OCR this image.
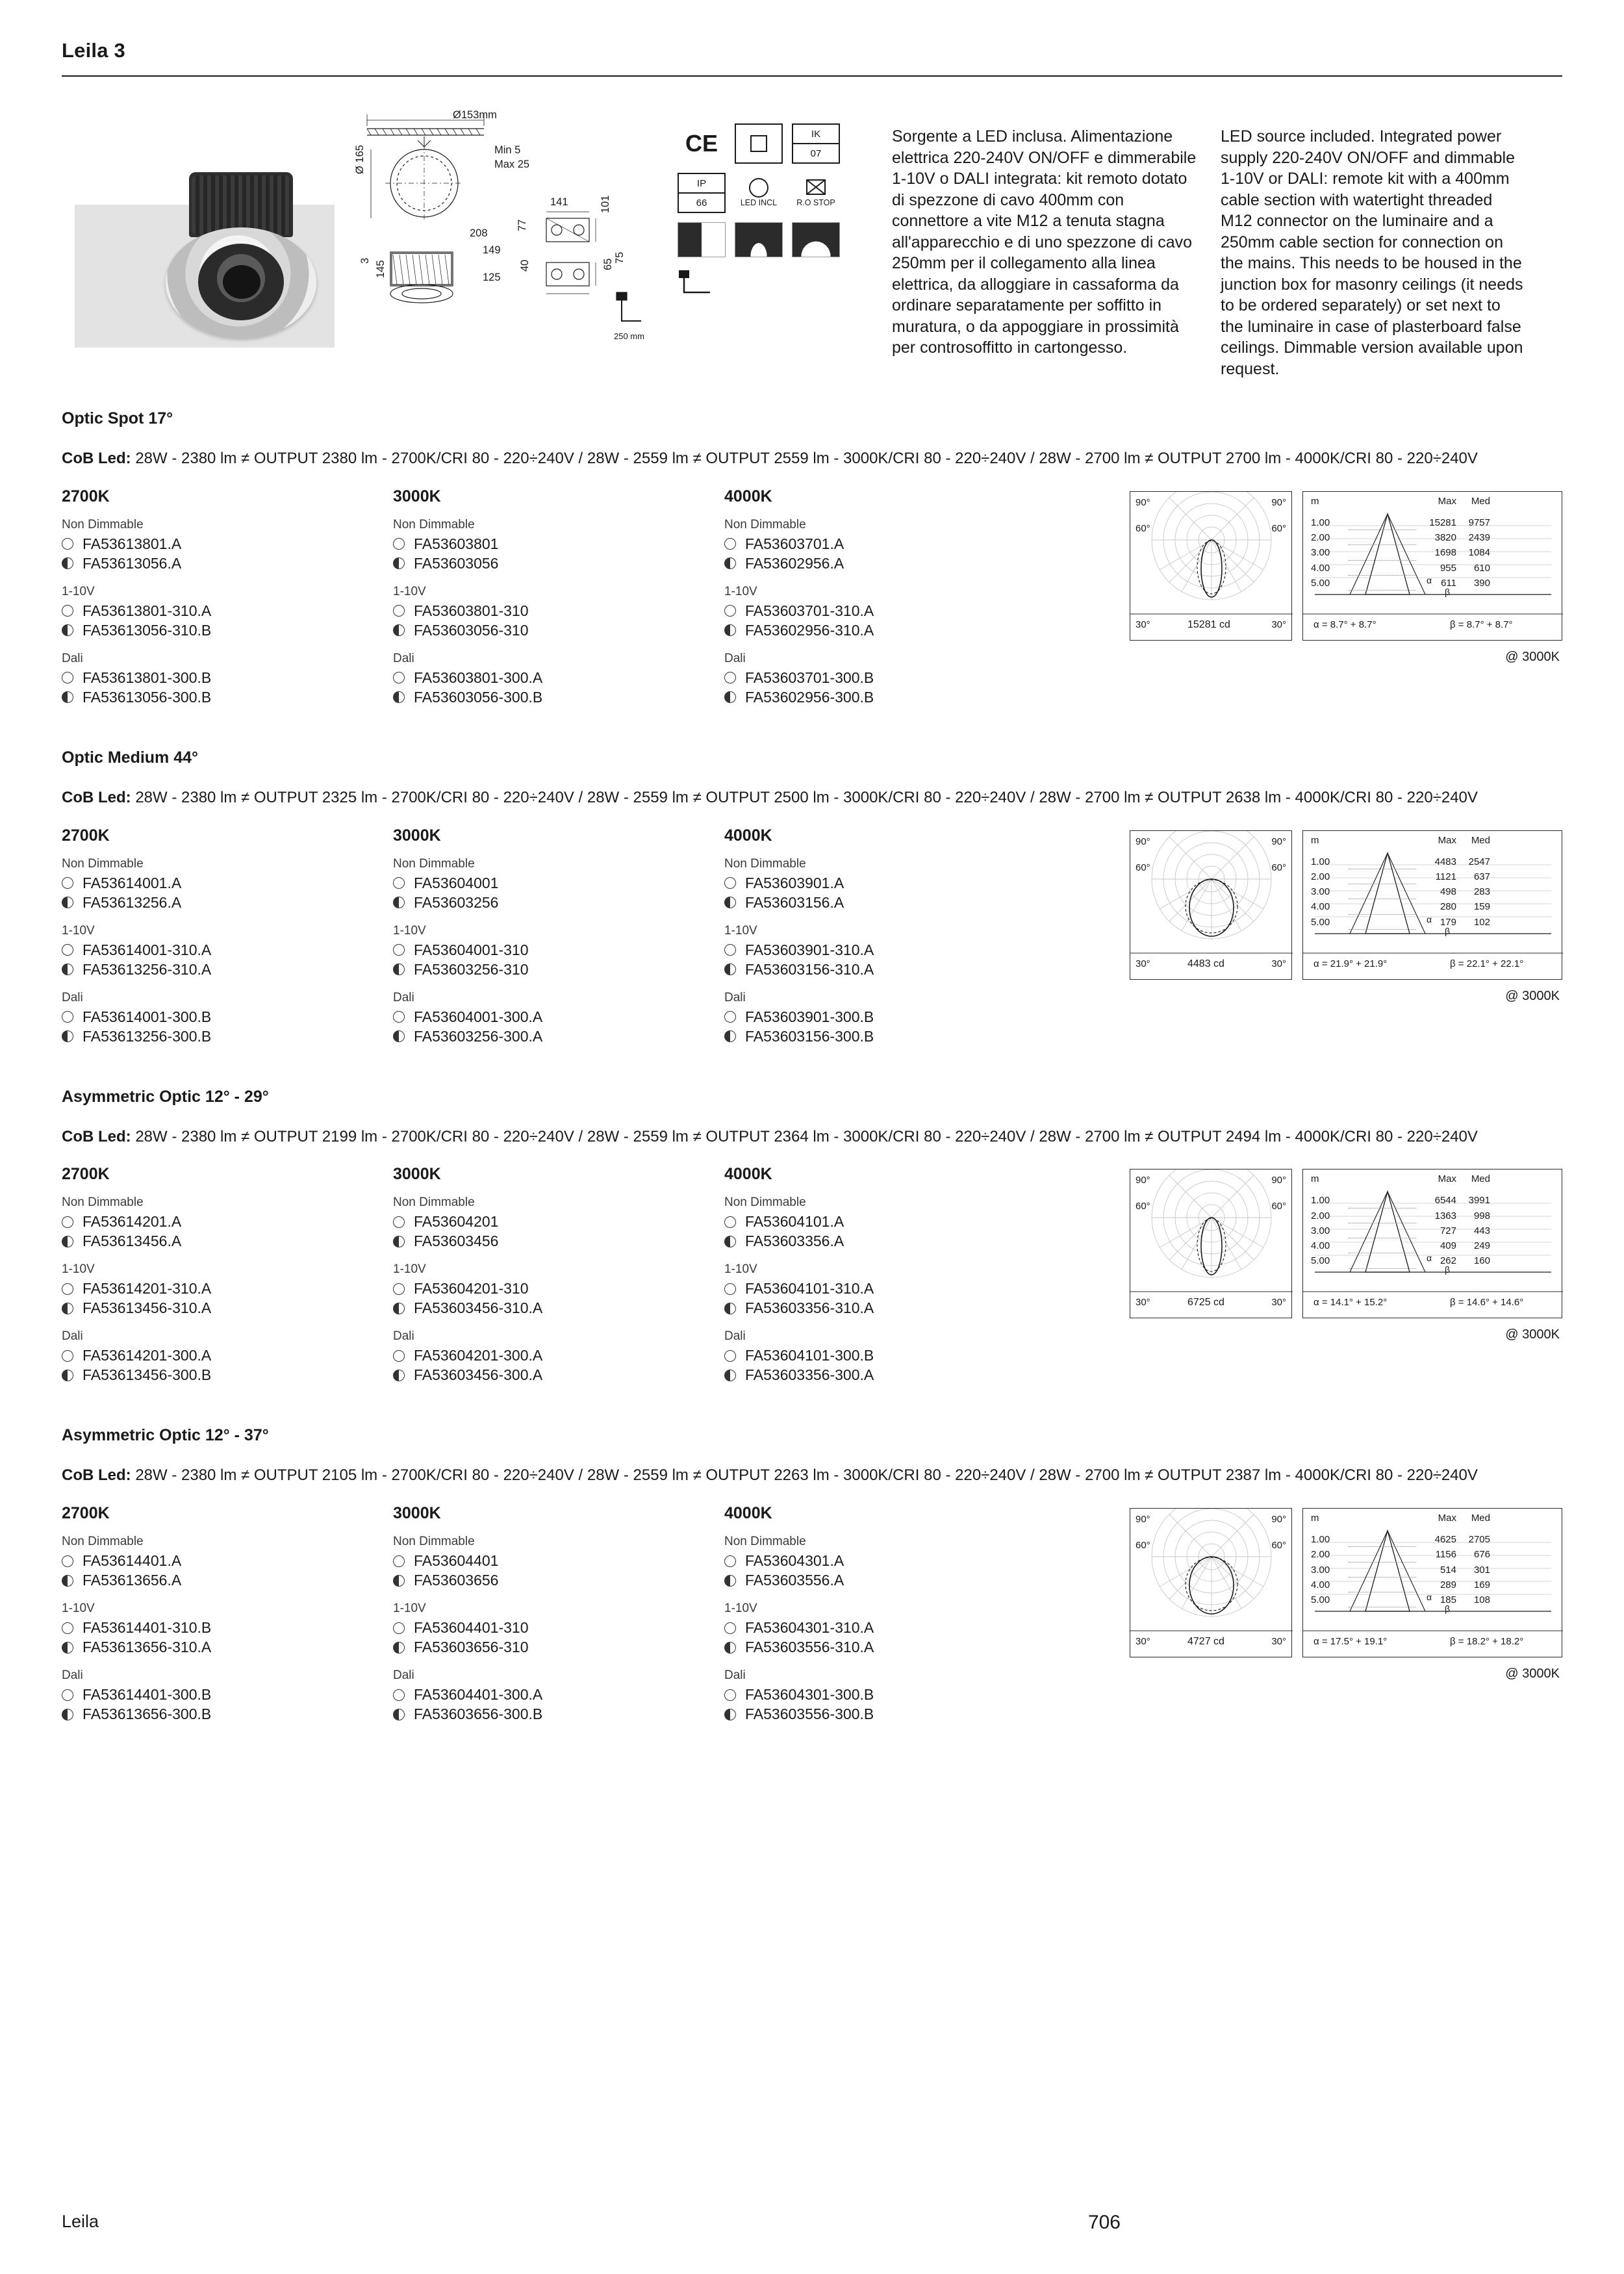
Leila 3
Ø153mm
Min 5
Max 25
Ø 165
141	101
208
77
149
125
40
3 145	65
75
250 mm
CE	IK
07
IP
66	LED INCL R.O STOP
Sorgente a LED inclusa. Alimentazione elettrica 220-240V ON/OFF e dimmerabile 1-10V o DALI integrata: kit remoto dotato di spezzone di cavo 400mm con connettore a vite M12 a tenuta stagna all'apparecchio e di uno spezzone di cavo 250mm per il collegamento alla linea elettrica, da alloggiare in cassaforma da ordinare separatamente per soffitto in muratura, o da appoggiare in prossimità per controsoffitto in cartongesso.
LED source included. Integrated power supply 220-240V ON/OFF and dimmable 1-10V or DALI: remote kit with a 400mm cable section with watertight threaded M12 connector on the luminaire and a 250mm cable section for connection on the mains. This needs to be housed in the junction box for masonry ceilings (it needs to be ordered separately) or set next to the luminaire in case of plasterboard false ceilings. Dimmable version available upon request.
Optic Spot 17°
CoB Led: 28W - 2380 lm ≠ OUTPUT 2380 lm - 2700K/CRI 80 - 220÷240V / 28W - 2559 lm ≠ OUTPUT 2559 lm - 3000K/CRI 80 - 220÷240V / 28W - 2700 lm ≠ OUTPUT 2700 lm - 4000K/CRI 80 - 220÷240V
2700K
Non Dimmable
FA53613801.A
FA53613056.A
1-10V
FA53613801-310.A
FA53613056-310.B
Dali
FA53613801-300.B
FA53613056-300.B
3000K
Non Dimmable
FA53603801
FA53603056
1-10V
FA53603801-310
FA53603056-310
Dali
FA53603801-300.A
FA53603056-300.B
4000K
Non Dimmable
FA53603701.A
FA53602956.A
1-10V
FA53603701-310.A
FA53602956-310.A
Dali
FA53603701-300.B
FA53602956-300.B
90°	90°
60°	60°
30°	30°
15281 cd
m	Max	Med
1.00	15281	9757
2.00	3820	2439
3.00	1698	1084
4.00	955	610
5.00	611	390
α
β
α = 8.7° + 8.7°	β = 8.7° + 8.7°
@ 3000K
Optic Medium 44°
CoB Led: 28W - 2380 lm ≠ OUTPUT 2325 lm - 2700K/CRI 80 - 220÷240V / 28W - 2559 lm ≠ OUTPUT 2500 lm - 3000K/CRI 80 - 220÷240V / 28W - 2700 lm ≠ OUTPUT 2638 lm - 4000K/CRI 80 - 220÷240V
2700K
Non Dimmable
FA53614001.A
FA53613256.A
1-10V
FA53614001-310.A
FA53613256-310.A
Dali
FA53614001-300.B
FA53613256-300.B
3000K
Non Dimmable
FA53604001
FA53603256
1-10V
FA53604001-310
FA53603256-310
Dali
FA53604001-300.A
FA53603256-300.A
4000K
Non Dimmable
FA53603901.A
FA53603156.A
1-10V
FA53603901-310.A
FA53603156-310.A
Dali
FA53603901-300.B
FA53603156-300.B
90°	90°
60°	60°
30°	30°
4483 cd
m	Max	Med
1.00	4483	2547
2.00	1121	637
3.00	498	283
4.00	280	159
5.00	179	102
α
β
α = 21.9° + 21.9°	β = 22.1° + 22.1°
@ 3000K
Asymmetric Optic 12° - 29°
CoB Led: 28W - 2380 lm ≠ OUTPUT 2199 lm - 2700K/CRI 80 - 220÷240V / 28W - 2559 lm ≠ OUTPUT 2364 lm - 3000K/CRI 80 - 220÷240V / 28W - 2700 lm ≠ OUTPUT 2494 lm - 4000K/CRI 80 - 220÷240V
2700K
Non Dimmable
FA53614201.A
FA53613456.A
1-10V
FA53614201-310.A
FA53613456-310.A
Dali
FA53614201-300.A
FA53613456-300.B
3000K
Non Dimmable
FA53604201
FA53603456
1-10V
FA53604201-310
FA53603456-310.A
Dali
FA53604201-300.A
FA53603456-300.A
4000K
Non Dimmable
FA53604101.A
FA53603356.A
1-10V
FA53604101-310.A
FA53603356-310.A
Dali
FA53604101-300.B
FA53603356-300.A
90°	90°
60°	60°
30°	30°
6725 cd
m	Max	Med
1.00	6544	3991
2.00	1363	998
3.00	727	443
4.00	409	249
5.00	262	160
α
β
α = 14.1° + 15.2°	β = 14.6° + 14.6°
@ 3000K
Asymmetric Optic 12° - 37°
CoB Led: 28W - 2380 lm ≠ OUTPUT 2105 lm - 2700K/CRI 80 - 220÷240V / 28W - 2559 lm ≠ OUTPUT 2263 lm - 3000K/CRI 80 - 220÷240V / 28W - 2700 lm ≠ OUTPUT 2387 lm - 4000K/CRI 80 - 220÷240V
2700K
Non Dimmable
FA53614401.A
FA53613656.A
1-10V
FA53614401-310.B
FA53613656-310.A
Dali
FA53614401-300.B
FA53613656-300.B
3000K
Non Dimmable
FA53604401
FA53603656
1-10V
FA53604401-310
FA53603656-310
Dali
FA53604401-300.A
FA53603656-300.B
4000K
Non Dimmable
FA53604301.A
FA53603556.A
1-10V
FA53604301-310.A
FA53603556-310.A
Dali
FA53604301-300.B
FA53603556-300.B
90°	90°
60°	60°
30°	30°
4727 cd
m	Max	Med
1.00	4625	2705
2.00	1156	676
3.00	514	301
4.00	289	169
5.00	185	108
α
β
α = 17.5° + 19.1°	β = 18.2° + 18.2°
@ 3000K
Leila	706
